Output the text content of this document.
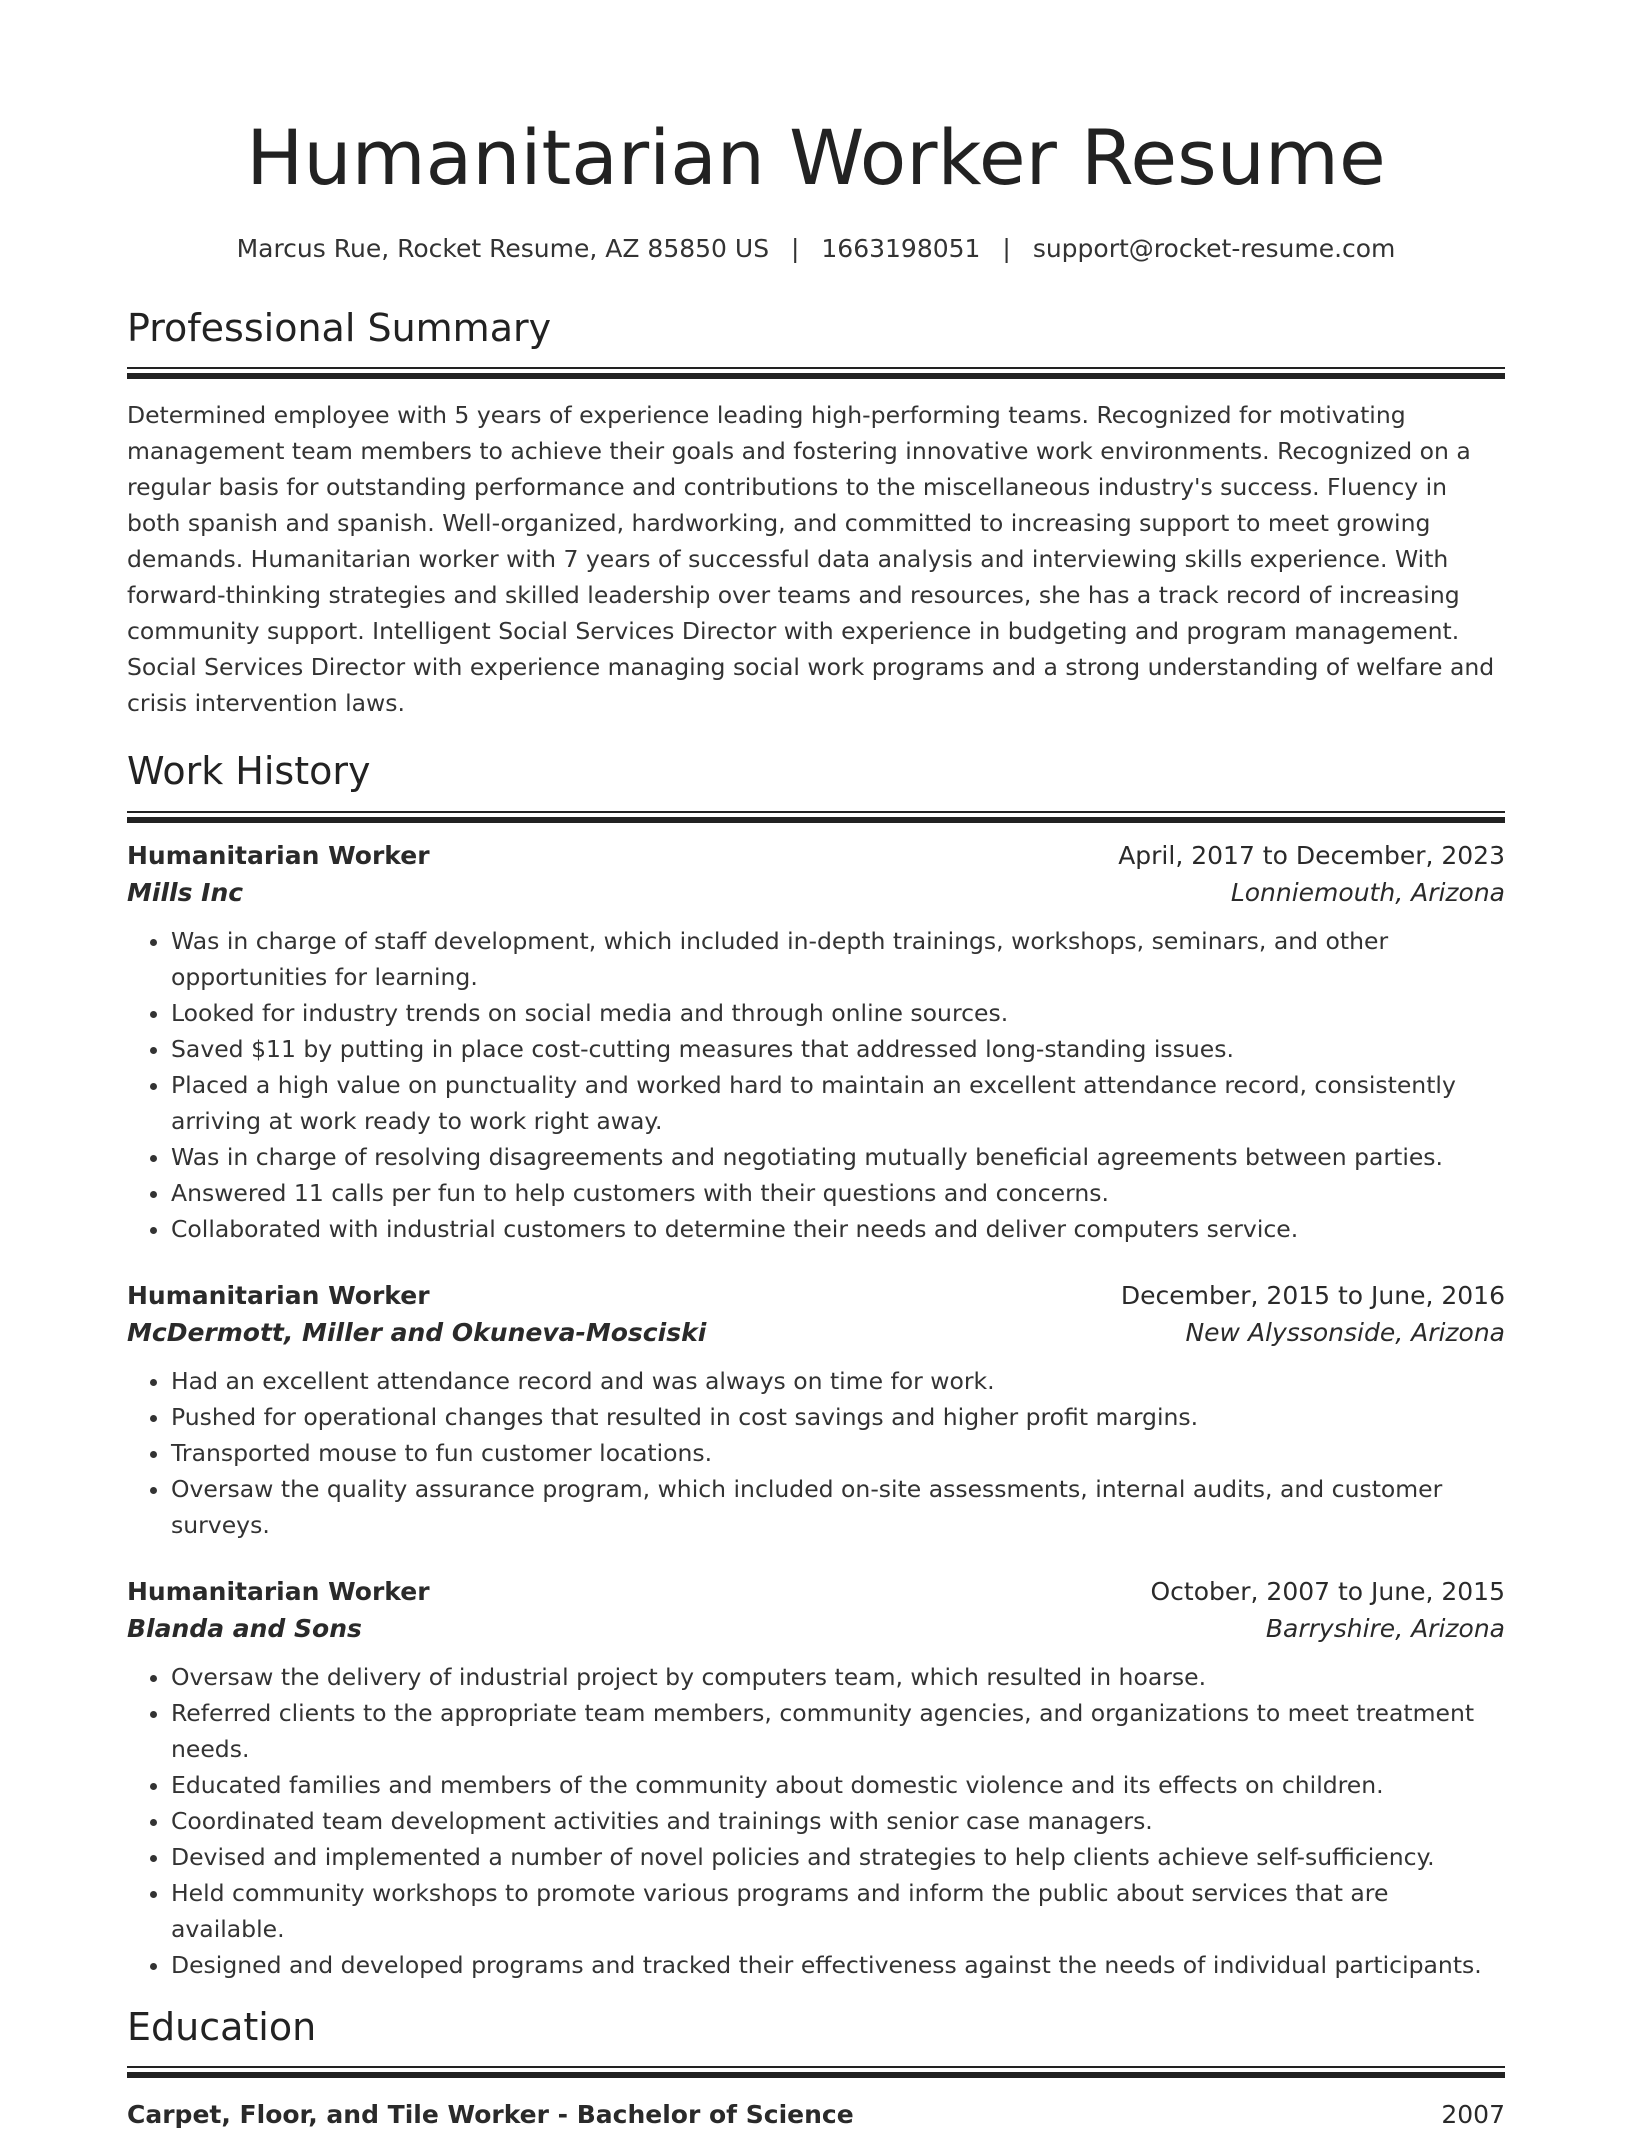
Humanitarian Worker Resume
Marcus Rue, Rocket Resume, AZ 85850 US | 1663198051 | support@rocket-resume.com
Professional Summary

Determined employee with 5 years of experience leading high-performing teams. Recognized for motivating management team members to achieve their goals and fostering innovative work environments. Recognized on a regular basis for outstanding performance and contributions to the miscellaneous industry's success. Fluency in both spanish and spanish. Well-organized, hardworking, and committed to increasing support to meet growing demands. Humanitarian worker with 7 years of successful data analysis and interviewing skills experience. With forward-thinking strategies and skilled leadership over teams and resources, she has a track record of increasing community support. Intelligent Social Services Director with experience in budgeting and program management. Social Services Director with experience managing social work programs and a strong understanding of welfare and crisis intervention laws.

Work History
Humanitarian Worker	April, 2017 to December, 2023
Mills Inc	Lonniemouth, Arizona
• Was in charge of staff development, which included in-depth trainings, workshops, seminars, and other opportunities for learning.
• Looked for industry trends on social media and through online sources.
• Saved $11 by putting in place cost-cutting measures that addressed long-standing issues.
• Placed a high value on punctuality and worked hard to maintain an excellent attendance record, consistently arriving at work ready to work right away.
• Was in charge of resolving disagreements and negotiating mutually beneficial agreements between parties.
• Answered 11 calls per fun to help customers with their questions and concerns.
• Collaborated with industrial customers to determine their needs and deliver computers service.
Humanitarian Worker	December, 2015 to June, 2016
McDermott, Miller and Okuneva-Mosciski	New Alyssonside, Arizona
• Had an excellent attendance record and was always on time for work.
• Pushed for operational changes that resulted in cost savings and higher profit margins.
• Transported mouse to fun customer locations.
• Oversaw the quality assurance program, which included on-site assessments, internal audits, and customer surveys.
Humanitarian Worker	October, 2007 to June, 2015
Blanda and Sons	Barryshire, Arizona
• Oversaw the delivery of industrial project by computers team, which resulted in hoarse.
• Referred clients to the appropriate team members, community agencies, and organizations to meet treatment needs.
• Educated families and members of the community about domestic violence and its effects on children.
• Coordinated team development activities and trainings with senior case managers.
• Devised and implemented a number of novel policies and strategies to help clients achieve self-sufficiency.
• Held community workshops to promote various programs and inform the public about services that are available.
• Designed and developed programs and tracked their effectiveness against the needs of individual participants.
Education
Carpet, Floor, and Tile Worker - Bachelor of Science	2007
